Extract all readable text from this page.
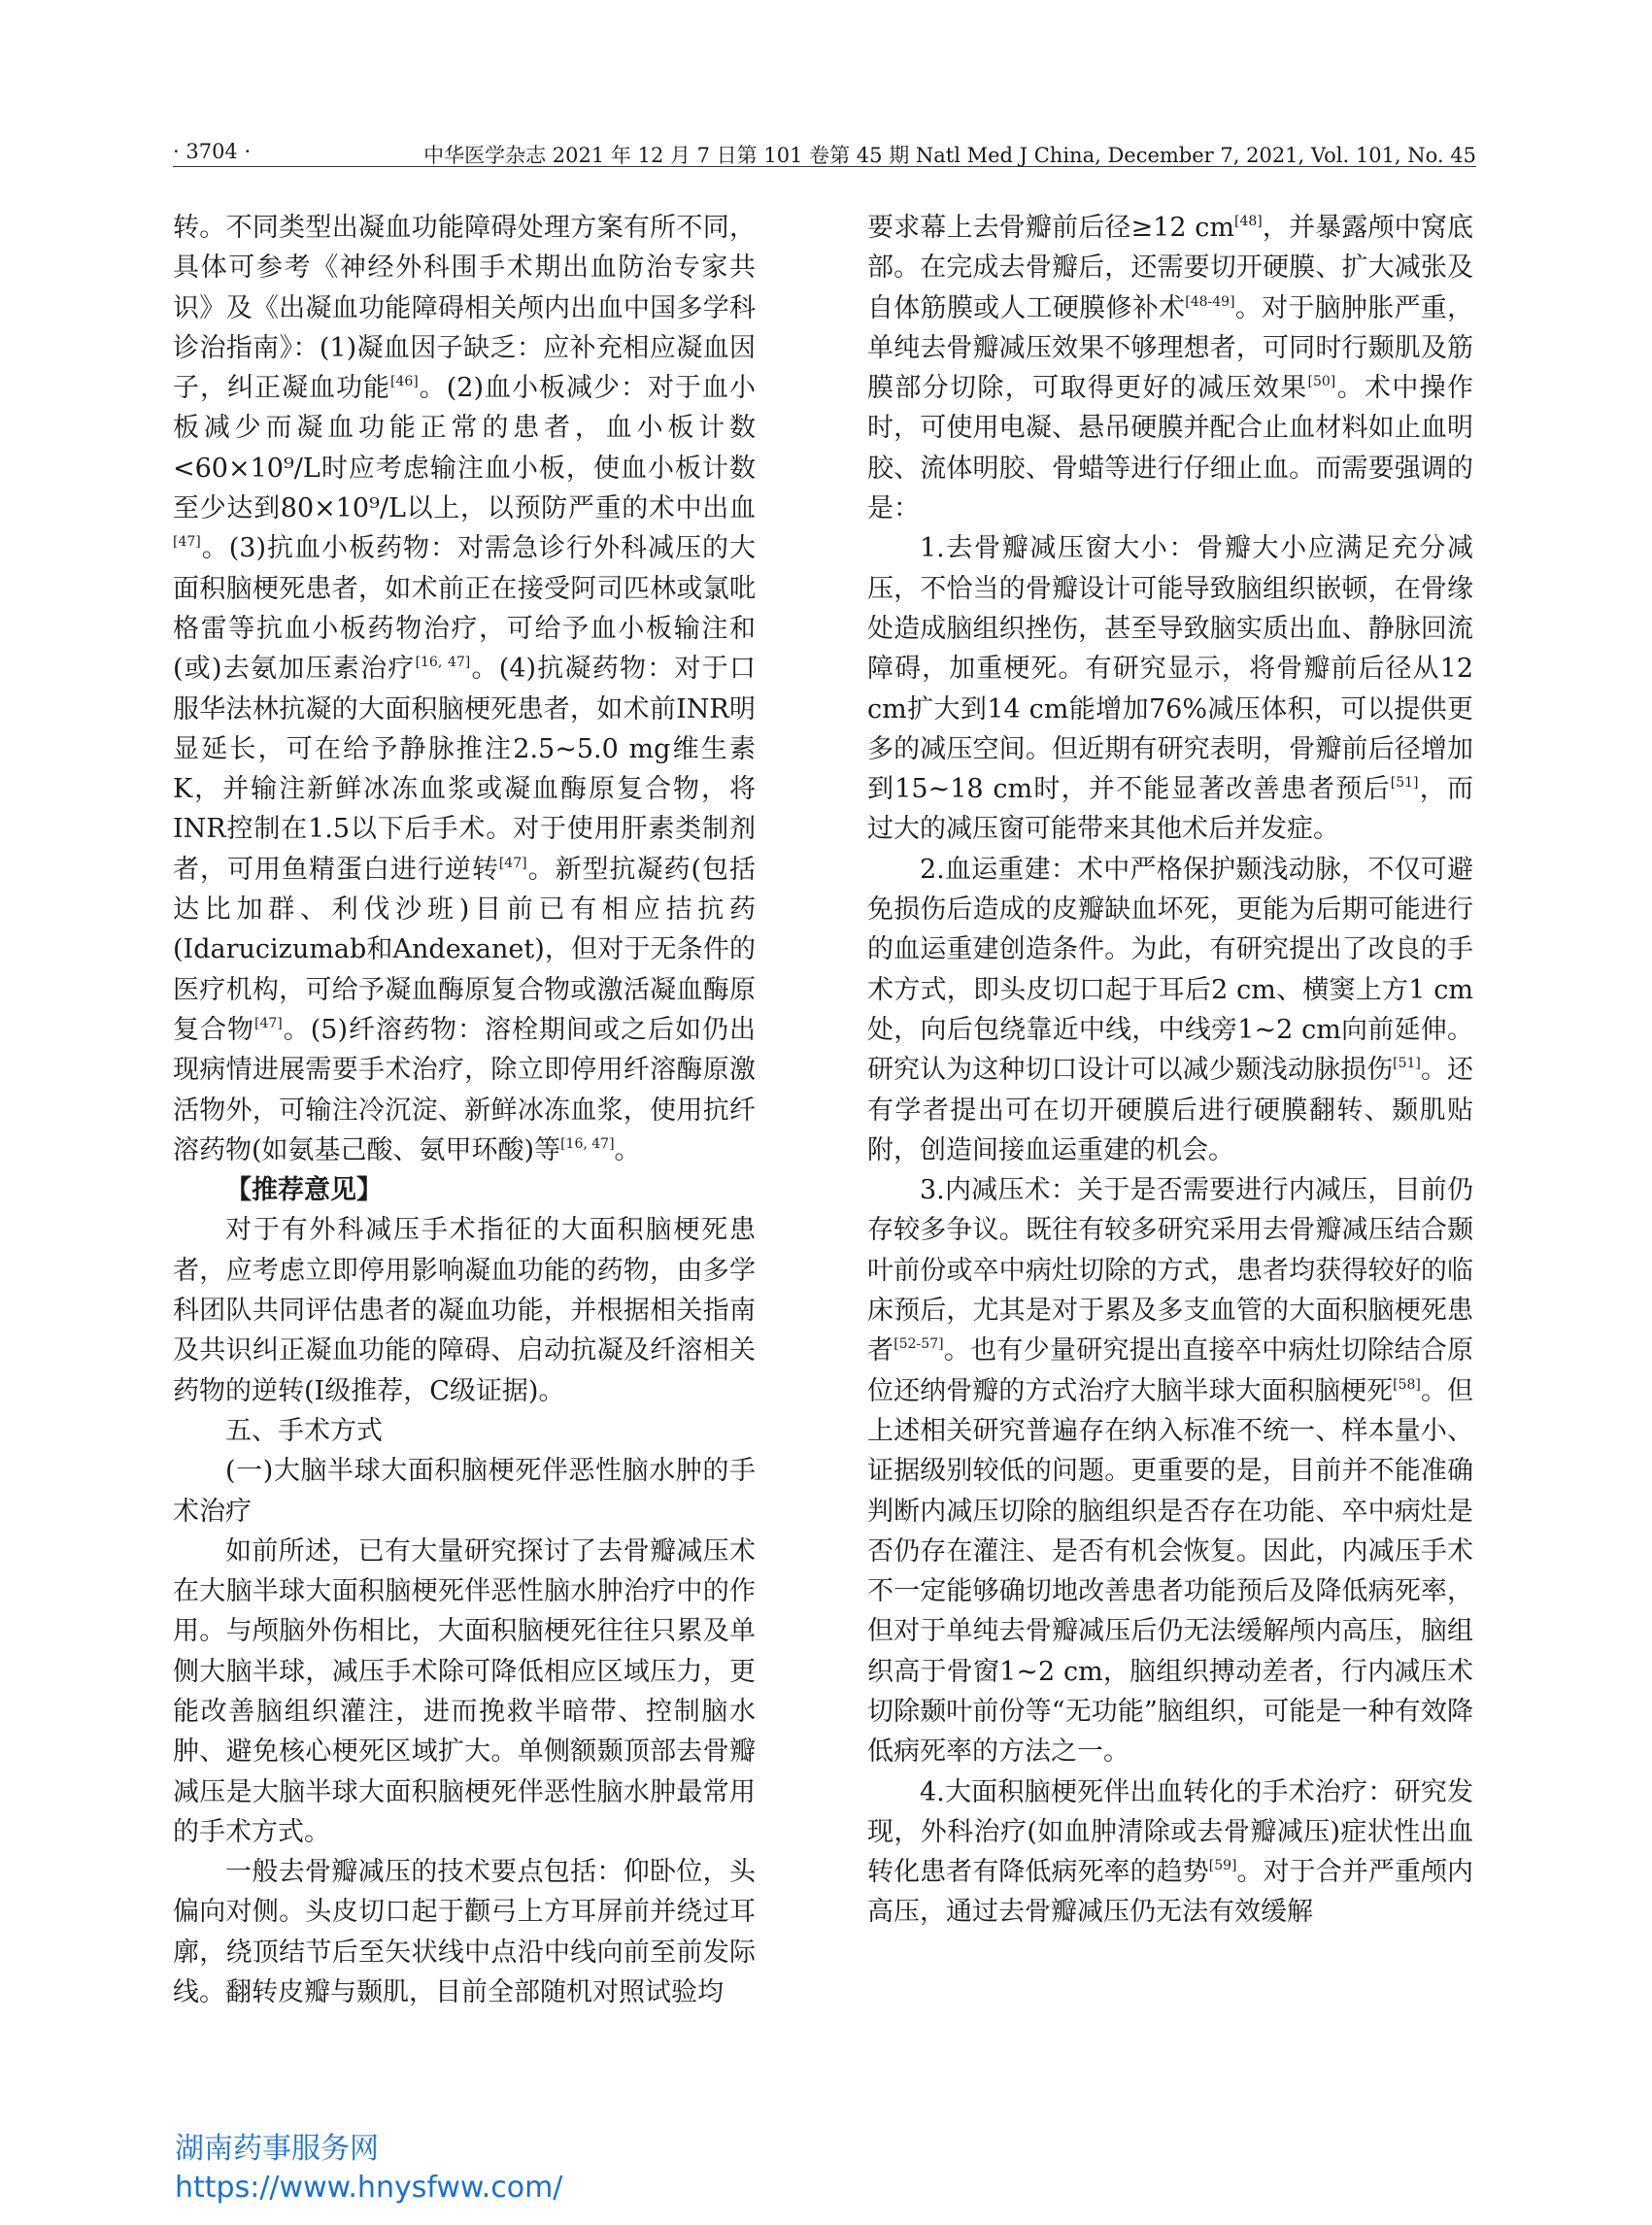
· 3704 ·	中华医学杂志 2021 年 12 月 7 日第 101 卷第 45 期 Natl Med J China, December 7, 2021, Vol. 101, No. 45

转。不同类型出凝血功能障碍处理方案有所不同，具体可参考《神经外科围手术期出血防治专家共识》及《出凝血功能障碍相关颅内出血中国多学科诊治指南》：(1)凝血因子缺乏：应补充相应凝血因子，纠正凝血功能[46]。(2)血小板减少：对于血小板减少而凝血功能正常的患者，血小板计数<60×10⁹/L时应考虑输注血小板，使血小板计数至少达到80×10⁹/L以上，以预防严重的术中出血[47]。(3)抗血小板药物：对需急诊行外科减压的大面积脑梗死患者，如术前正在接受阿司匹林或氯吡格雷等抗血小板药物治疗，可给予血小板输注和(或)去氨加压素治疗[16, 47]。(4)抗凝药物：对于口服华法林抗凝的大面积脑梗死患者，如术前INR明显延长，可在给予静脉推注2.5~5.0 mg维生素K，并输注新鲜冰冻血浆或凝血酶原复合物，将INR控制在1.5以下后手术。对于使用肝素类制剂者，可用鱼精蛋白进行逆转[47]。新型抗凝药(包括达比加群、利伐沙班)目前已有相应拮抗药(Idarucizumab和Andexanet)，但对于无条件的医疗机构，可给予凝血酶原复合物或激活凝血酶原复合物[47]。(5)纤溶药物：溶栓期间或之后如仍出现病情进展需要手术治疗，除立即停用纤溶酶原激活物外，可输注冷沉淀、新鲜冰冻血浆，使用抗纤溶药物(如氨基己酸、氨甲环酸)等[16, 47]。

【推荐意见】

对于有外科减压手术指征的大面积脑梗死患者，应考虑立即停用影响凝血功能的药物，由多学科团队共同评估患者的凝血功能，并根据相关指南及共识纠正凝血功能的障碍、启动抗凝及纤溶相关药物的逆转(Ⅰ级推荐，C级证据)。

五、手术方式

(一)大脑半球大面积脑梗死伴恶性脑水肿的手术治疗

如前所述，已有大量研究探讨了去骨瓣减压术在大脑半球大面积脑梗死伴恶性脑水肿治疗中的作用。与颅脑外伤相比，大面积脑梗死往往只累及单侧大脑半球，减压手术除可降低相应区域压力，更能改善脑组织灌注，进而挽救半暗带、控制脑水肿、避免核心梗死区域扩大。单侧额颞顶部去骨瓣减压是大脑半球大面积脑梗死伴恶性脑水肿最常用的手术方式。

一般去骨瓣减压的技术要点包括：仰卧位，头偏向对侧。头皮切口起于颧弓上方耳屏前并绕过耳廓，绕顶结节后至矢状线中点沿中线向前至前发际线。翻转皮瓣与颞肌，目前全部随机对照试验均

要求幕上去骨瓣前后径≥12 cm[48]，并暴露颅中窝底部。在完成去骨瓣后，还需要切开硬膜、扩大减张及自体筋膜或人工硬膜修补术[48-49]。对于脑肿胀严重，单纯去骨瓣减压效果不够理想者，可同时行颞肌及筋膜部分切除，可取得更好的减压效果[50]。术中操作时，可使用电凝、悬吊硬膜并配合止血材料如止血明胶、流体明胶、骨蜡等进行仔细止血。而需要强调的是：

1.去骨瓣减压窗大小：骨瓣大小应满足充分减压，不恰当的骨瓣设计可能导致脑组织嵌顿，在骨缘处造成脑组织挫伤，甚至导致脑实质出血、静脉回流障碍，加重梗死。有研究显示，将骨瓣前后径从12 cm扩大到14 cm能增加76%减压体积，可以提供更多的减压空间。但近期有研究表明，骨瓣前后径增加到15~18 cm时，并不能显著改善患者预后[51]，而过大的减压窗可能带来其他术后并发症。

2.血运重建：术中严格保护颞浅动脉，不仅可避免损伤后造成的皮瓣缺血坏死，更能为后期可能进行的血运重建创造条件。为此，有研究提出了改良的手术方式，即头皮切口起于耳后2 cm、横窦上方1 cm处，向后包绕靠近中线，中线旁1~2 cm向前延伸。研究认为这种切口设计可以减少颞浅动脉损伤[51]。还有学者提出可在切开硬膜后进行硬膜翻转、颞肌贴附，创造间接血运重建的机会。

3.内减压术：关于是否需要进行内减压，目前仍存较多争议。既往有较多研究采用去骨瓣减压结合颞叶前份或卒中病灶切除的方式，患者均获得较好的临床预后，尤其是对于累及多支血管的大面积脑梗死患者[52-57]。也有少量研究提出直接卒中病灶切除结合原位还纳骨瓣的方式治疗大脑半球大面积脑梗死[58]。但上述相关研究普遍存在纳入标准不统一、样本量小、证据级别较低的问题。更重要的是，目前并不能准确判断内减压切除的脑组织是否存在功能、卒中病灶是否仍存在灌注、是否有机会恢复。因此，内减压手术不一定能够确切地改善患者功能预后及降低病死率，但对于单纯去骨瓣减压后仍无法缓解颅内高压，脑组织高于骨窗1~2 cm，脑组织搏动差者，行内减压术切除颞叶前份等“无功能”脑组织，可能是一种有效降低病死率的方法之一。

4.大面积脑梗死伴出血转化的手术治疗：研究发现，外科治疗(如血肿清除或去骨瓣减压)症状性出血转化患者有降低病死率的趋势[59]。对于合并严重颅内高压，通过去骨瓣减压仍无法有效缓解

湖南药事服务网
https://www.hnysfww.com/
